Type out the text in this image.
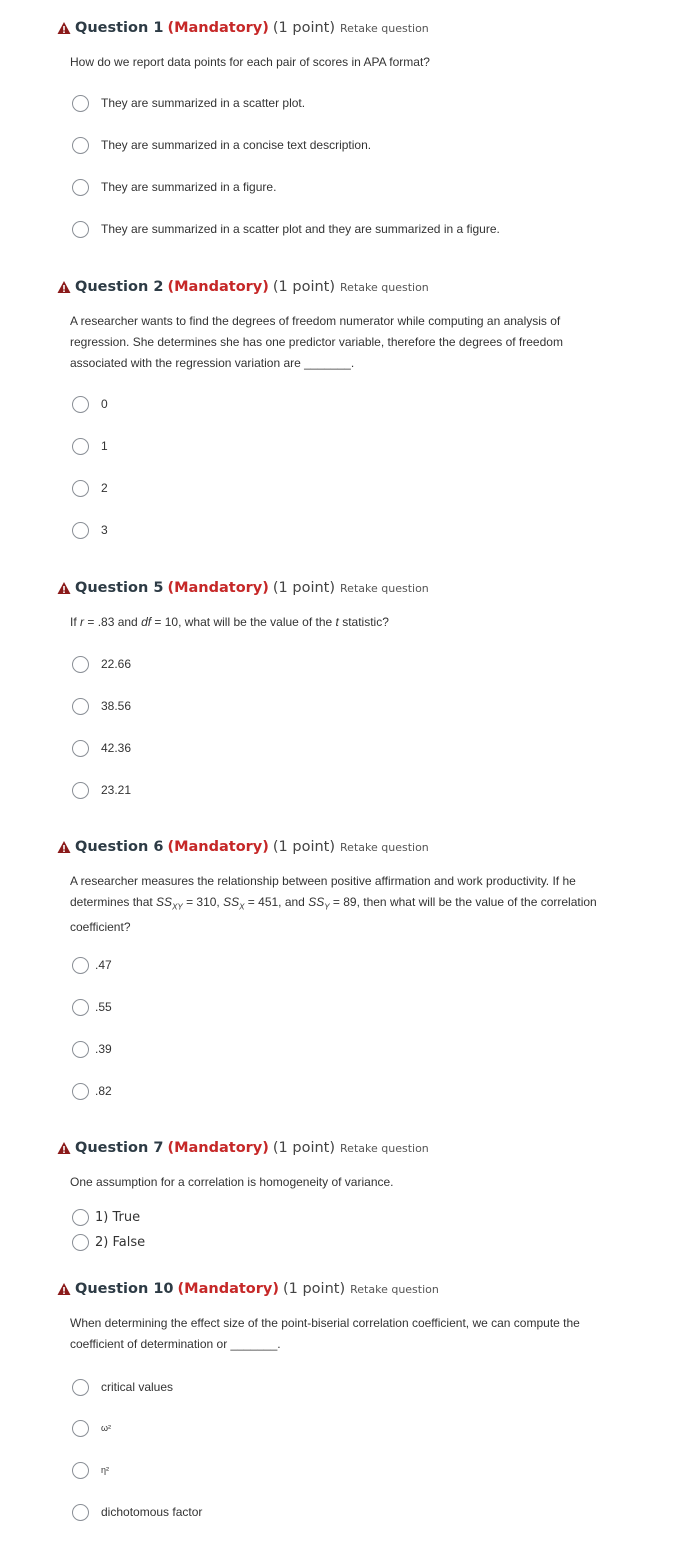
Question 1 (Mandatory) (1 point) Retake question
How do we report data points for each pair of scores in APA format?
They are summarized in a scatter plot.
They are summarized in a concise text description.
They are summarized in a figure.
They are summarized in a scatter plot and they are summarized in a figure.
Question 2 (Mandatory) (1 point) Retake question
A researcher wants to find the degrees of freedom numerator while computing an analysis of regression. She determines she has one predictor variable, therefore the degrees of freedom associated with the regression variation are _______.
0
1
2
3
Question 5 (Mandatory) (1 point) Retake question
If r = .83 and df = 10, what will be the value of the t statistic?
22.66
38.56
42.36
23.21
Question 6 (Mandatory) (1 point) Retake question
A researcher measures the relationship between positive affirmation and work productivity. If he determines that $SS_{XY} = 310$, $SS_X = 451$, and $SS_Y = 89$, then what will be the value of the correlation coefficient?
.47
.55
.39
.82
Question 7 (Mandatory) (1 point) Retake question
One assumption for a correlation is homogeneity of variance.
1) True
2) False
Question 10 (Mandatory) (1 point) Retake question
When determining the effect size of the point-biserial correlation coefficient, we can compute the coefficient of determination or _______.
critical values
ω²
η²
dichotomous factor
